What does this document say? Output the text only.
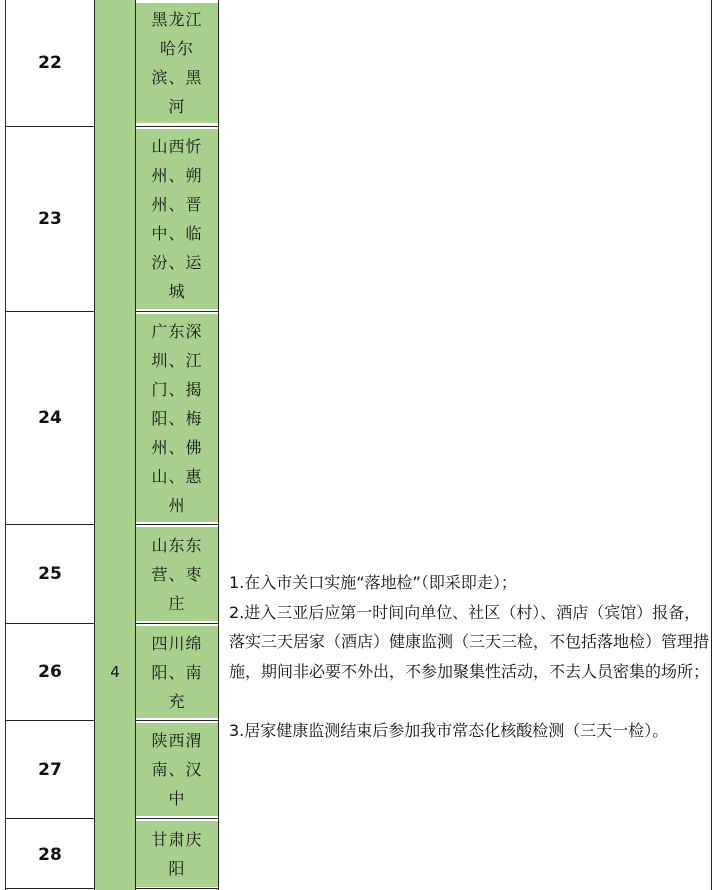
4
22
23
24
25
26
27
28
黑龙江哈尔滨、黑河
山西忻州、朔州、晋中、临汾、运城
广东深圳、江门、揭阳、梅州、佛山、惠州
山东东营、枣庄
四川绵阳、南充
陕西渭南、汉中
甘肃庆阳

1.在入市关口实施“落地检”（即采即走）；

2.进入三亚后应第一时间向单位、社区（村）、酒店（宾馆）报备，落实三天居家（酒店）健康监测（三天三检，不包括落地检）管理措施，期间非必要不外出，不参加聚集性活动，不去人员密集的场所；

3.居家健康监测结束后参加我市常态化核酸检测（三天一检）。
